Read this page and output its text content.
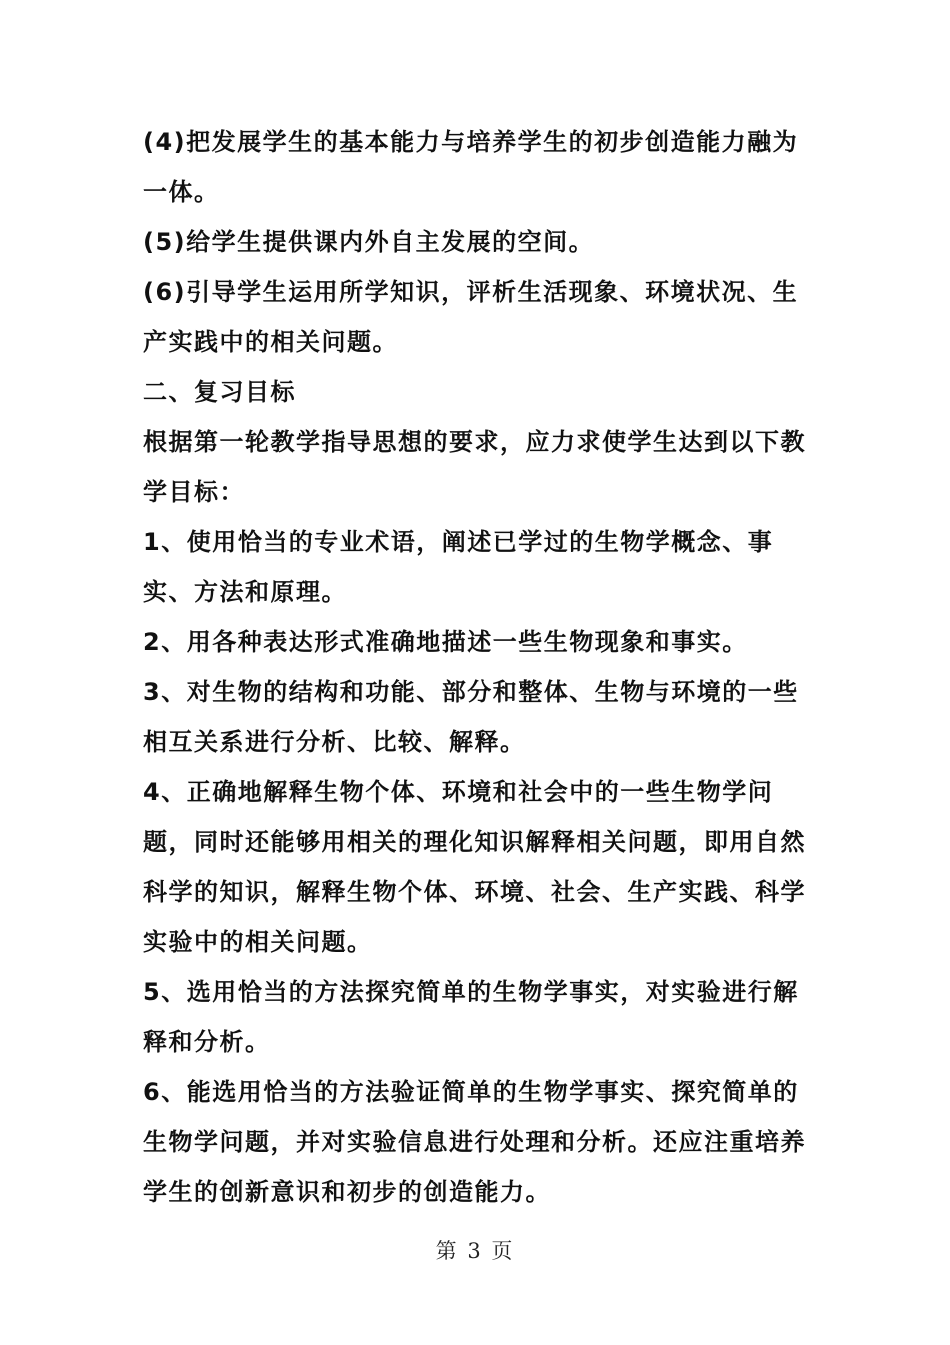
(4)把发展学生的基本能力与培养学生的初步创造能力融为一体。

(5)给学生提供课内外自主发展的空间。

(6)引导学生运用所学知识，评析生活现象、环境状况、生产实践中的相关问题。

二、复习目标

根据第一轮教学指导思想的要求，应力求使学生达到以下教学目标：

1、使用恰当的专业术语，阐述已学过的生物学概念、事实、方法和原理。

2、用各种表达形式准确地描述一些生物现象和事实。

3、对生物的结构和功能、部分和整体、生物与环境的一些相互关系进行分析、比较、解释。

4、正确地解释生物个体、环境和社会中的一些生物学问题，同时还能够用相关的理化知识解释相关问题，即用自然科学的知识，解释生物个体、环境、社会、生产实践、科学实验中的相关问题。

5、选用恰当的方法探究简单的生物学事实，对实验进行解释和分析。

6、能选用恰当的方法验证简单的生物学事实、探究简单的生物学问题，并对实验信息进行处理和分析。还应注重培养学生的创新意识和初步的创造能力。

第 3 页
